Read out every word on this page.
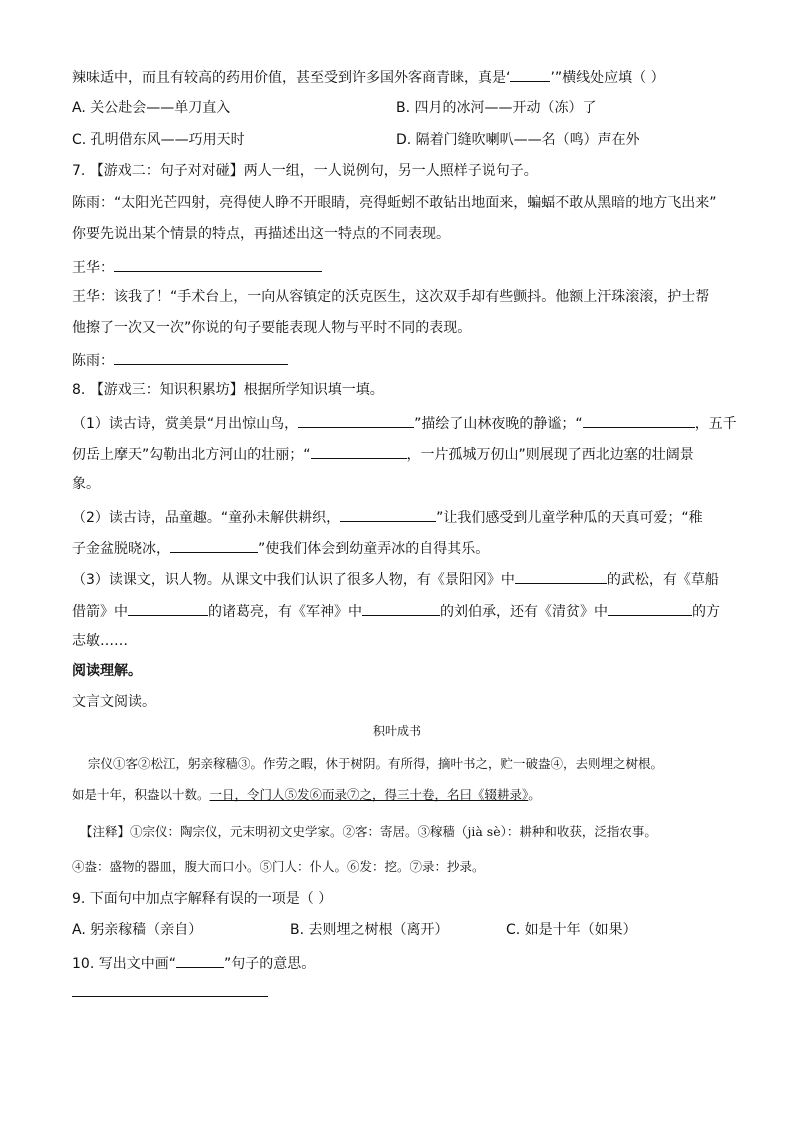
辣味适中，而且有较高的药用价值，甚至受到许多国外客商青睐，真是‘	’”横线处应填（ ）
A. 关公赴会——单刀直入	B. 四月的冰河——开动（冻）了
C. 孔明借东风——巧用天时	D. 隔着门缝吹喇叭——名（鸣）声在外
7. 【游戏二：句子对对碰】两人一组，一人说例句，另一人照样子说句子。
陈雨：“太阳光芒四射，亮得使人睁不开眼睛，亮得蚯蚓不敢钻出地面来，蝙蝠不敢从黑暗的地方飞出来”
你要先说出某个情景的特点，再描述出这一特点的不同表现。
王华：
王华：该我了！“手术台上，一向从容镇定的沃克医生，这次双手却有些颤抖。他额上汗珠滚滚，护士帮
他擦了一次又一次”你说的句子要能表现人物与平时不同的表现。
陈雨：
8. 【游戏三：知识积累坊】根据所学知识填一填。
（1）读古诗，赏美景“月出惊山鸟，	”描绘了山林夜晚的静谧；“	，五千
仞岳上摩天”勾勒出北方河山的壮丽；“	，一片孤城万仞山”则展现了西北边塞的壮阔景
象。
（2）读古诗，品童趣。“童孙未解供耕织，	”让我们感受到儿童学种瓜的天真可爱；“稚
子金盆脱晓冰，	”使我们体会到幼童弄冰的自得其乐。
（3）读课文，识人物。从课文中我们认识了很多人物，有《景阳冈》中	的武松，有《草船
借箭》中	的诸葛亮，有《军神》中	的刘伯承，还有《清贫》中	的方
志敏……
阅读理解。
文言文阅读。
积叶成书
宗仪①客②松江，躬亲稼穑③。作劳之暇，休于树阴。有所得，摘叶书之，贮一破盎④，去则埋之树根。
如是十年，积盎以十数。一日，令门人⑤发⑥而录⑦之，得三十卷，名曰《辍耕录》。
【注释】①宗仪：陶宗仪，元末明初文史学家。②客：寄居。③稼穑（jià sè）：耕种和收获，泛指农事。
④盎：盛物的器皿，腹大而口小。⑤门人：仆人。⑥发：挖。⑦录：抄录。
9. 下面句中加点字解释有误的一项是（ ）
A. 躬亲稼穑（亲自）	B. 去则埋之树根（离开）	C. 如是十年（如果）
10. 写出文中画“	”句子的意思。
